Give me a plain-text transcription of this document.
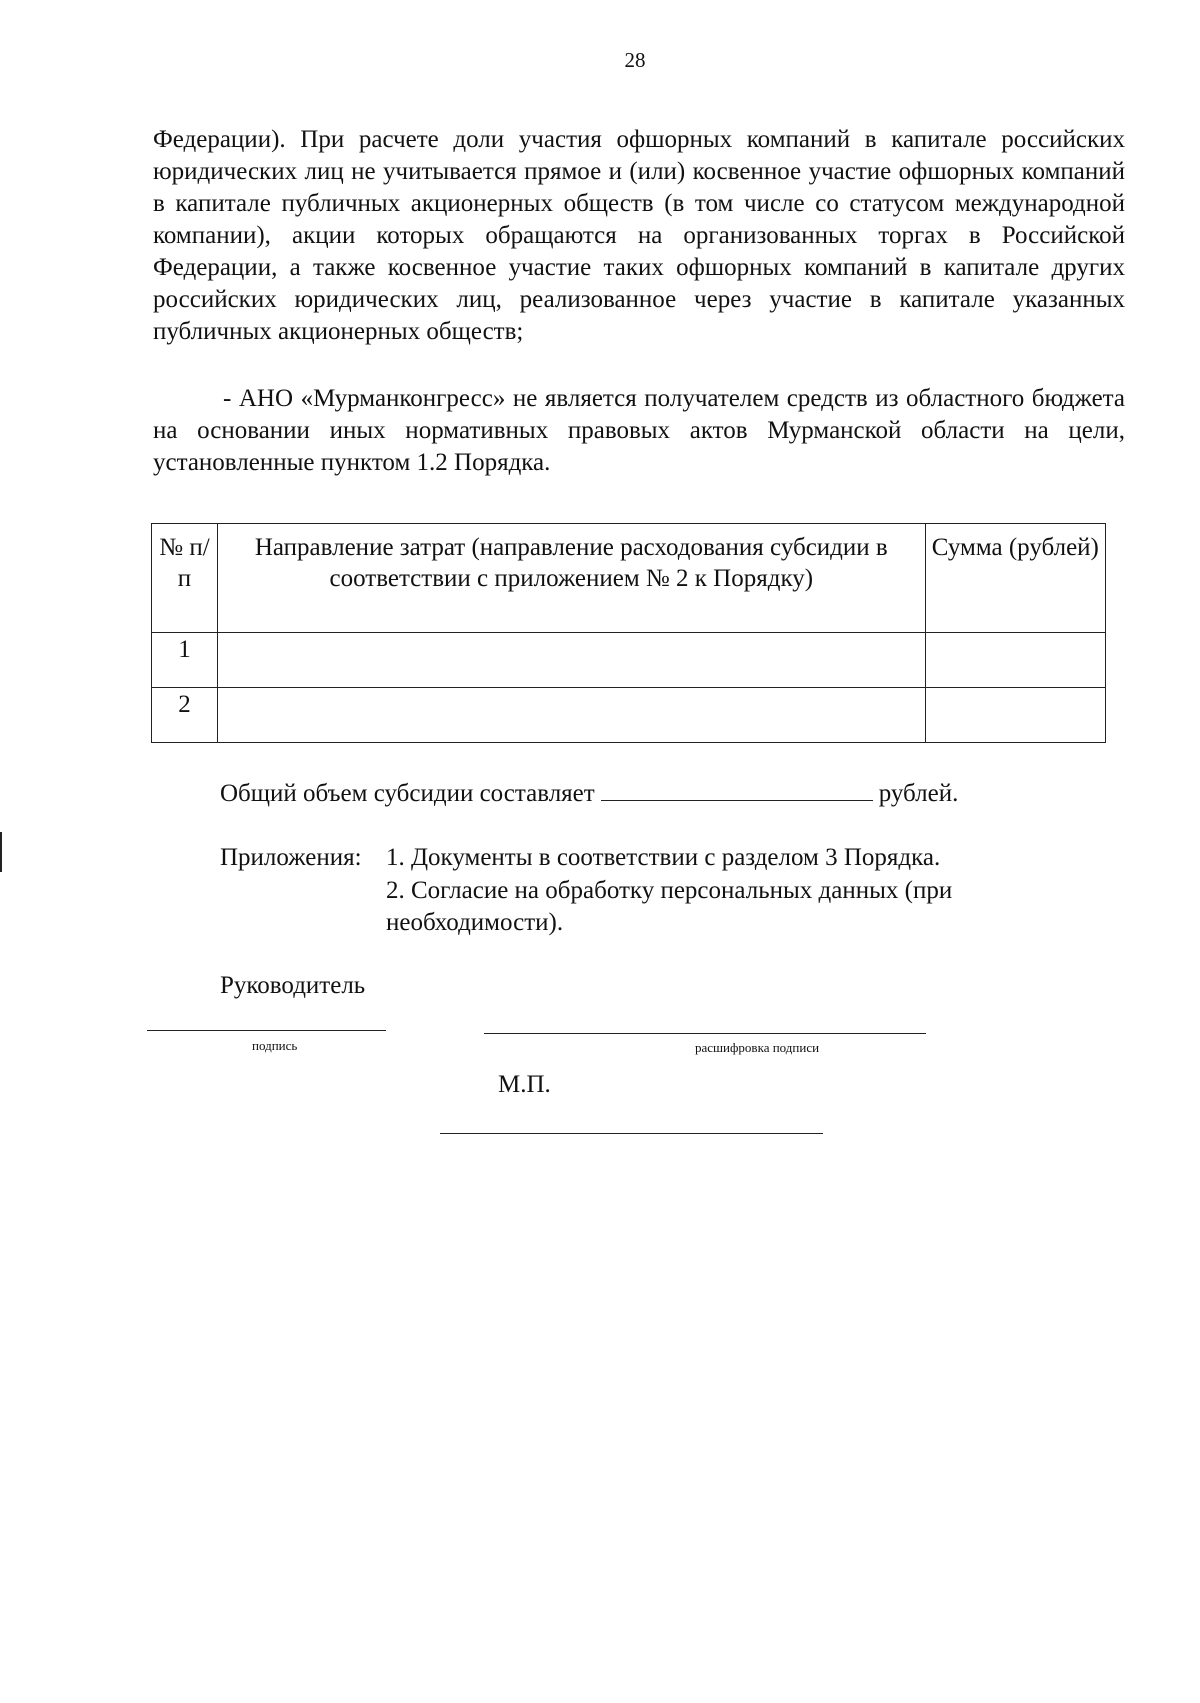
28

Федерации). При расчете доли участия офшорных компаний в капитале российских юридических лиц не учитывается прямое и (или) косвенное участие офшорных компаний в капитале публичных акционерных обществ (в том числе со статусом международной компании), акции которых обращаются на организованных торгах в Российской Федерации, а также косвенное участие таких офшорных компаний в капитале других российских юридических лиц, реализованное через участие в капитале указанных публичных акционерных обществ;

- АНО «Мурманконгресс» не является получателем средств из областного бюджета на основании иных нормативных правовых актов Мурманской области на цели, установленные пунктом 1.2 Порядка.

№ п/п	Направление затрат (направление расходования субсидии в соответствии с приложением № 2 к Порядку)	Сумма (рублей)
1		
2		
Общий объем субсидии составляет	рублей.
Приложения: 1. Документы в соответствии с разделом 3 Порядка.
2. Согласие на обработку персональных данных (при необходимости).
Руководитель
подпись	расшифровка подписи
М.П.
